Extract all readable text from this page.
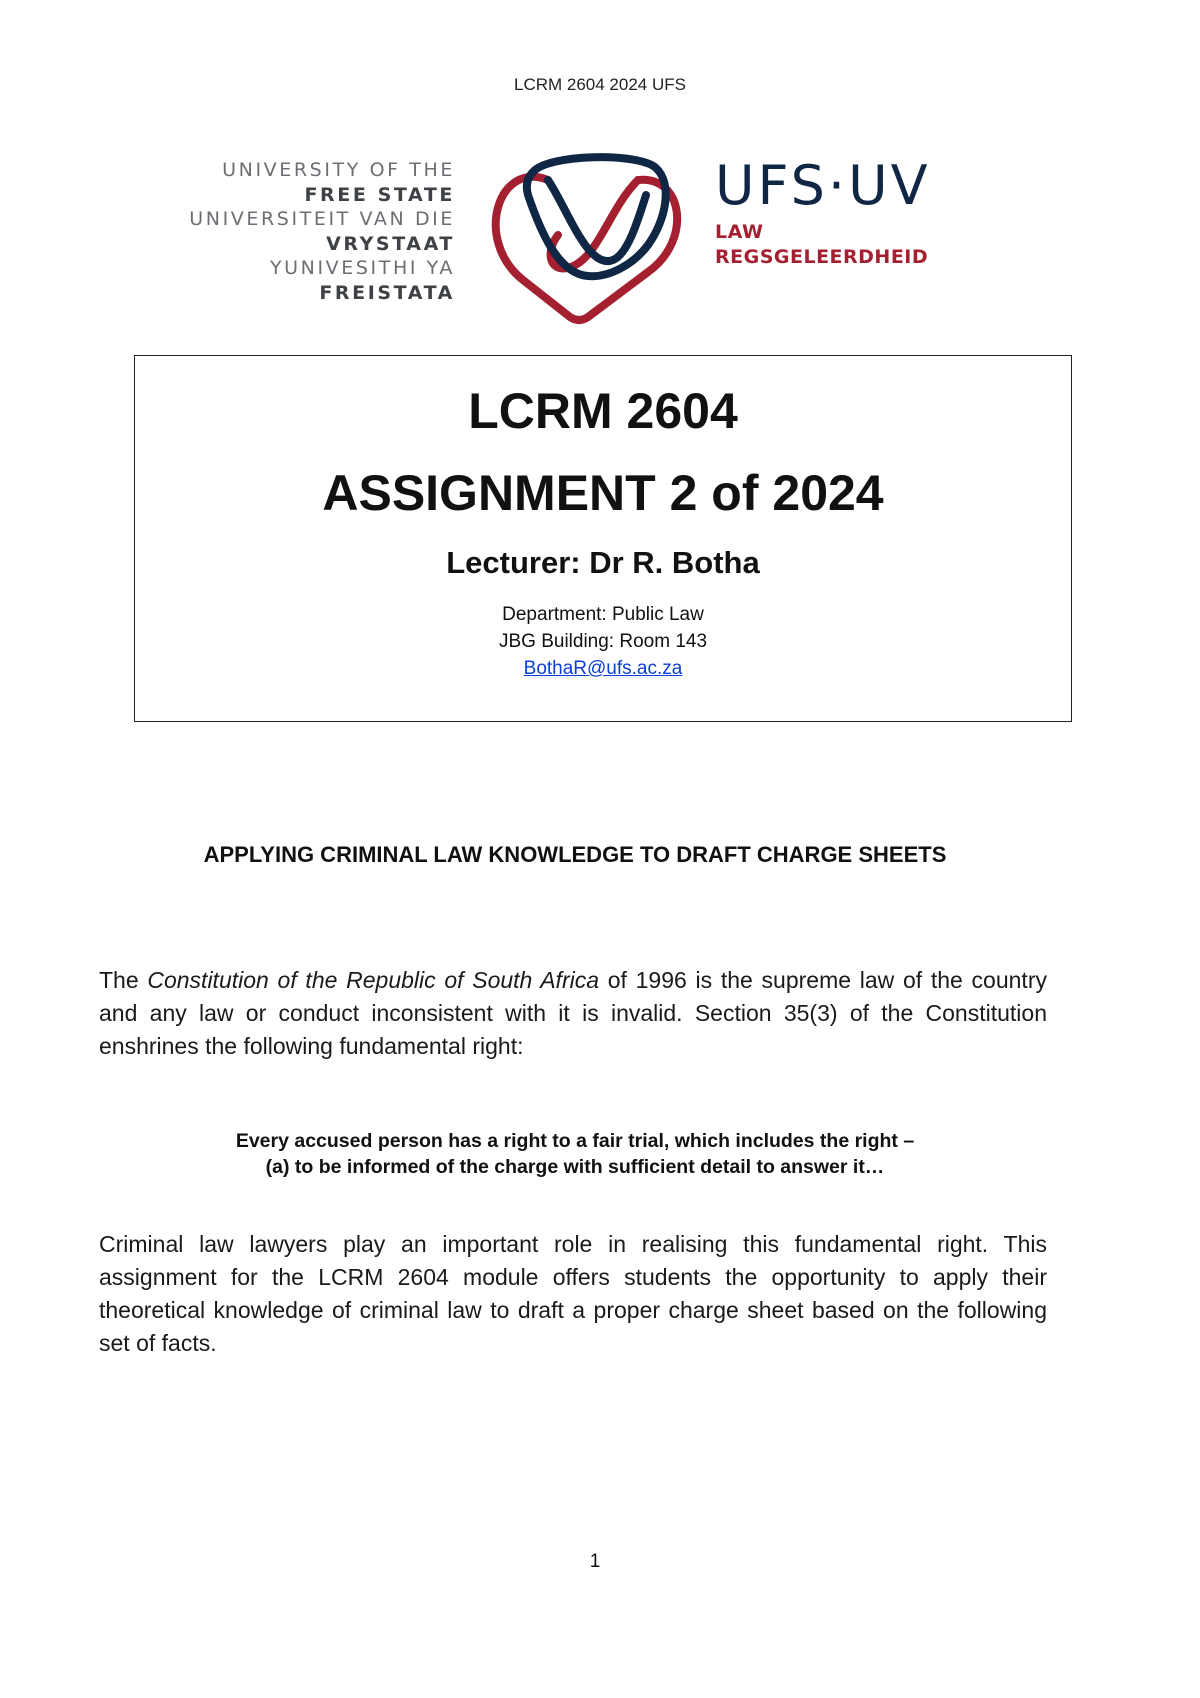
LCRM 2604 2024 UFS
UNIVERSITY OF THE
FREE STATE
UNIVERSITEIT VAN DIE
VRYSTAAT
YUNIVESITHI YA
FREISTATA
UFS·UV
LAW
REGSGELEERDHEID
LCRM 2604
ASSIGNMENT 2 of 2024
Lecturer: Dr R. Botha
Department: Public Law
JBG Building: Room 143
BothaR@ufs.ac.za
APPLYING CRIMINAL LAW KNOWLEDGE TO DRAFT CHARGE SHEETS

The Constitution of the Republic of South Africa of 1996 is the supreme law of the country and any law or conduct inconsistent with it is invalid. Section 35(3) of the Constitution enshrines the following fundamental right:

Every accused person has a right to a fair trial, which includes the right –
(a) to be informed of the charge with sufficient detail to answer it…

Criminal law lawyers play an important role in realising this fundamental right. This assignment for the LCRM 2604 module offers students the opportunity to apply their theoretical knowledge of criminal law to draft a proper charge sheet based on the following set of facts.

1
